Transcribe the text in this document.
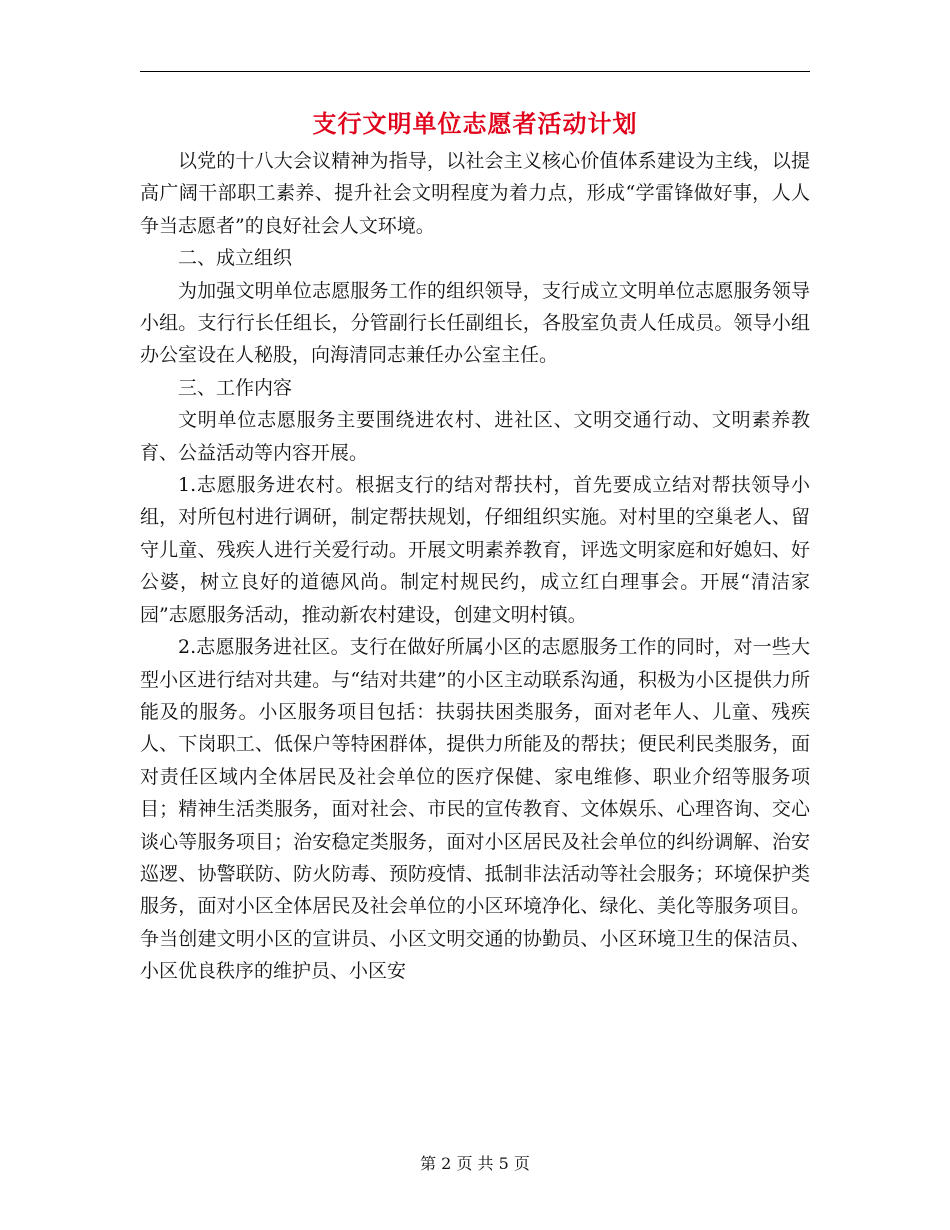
支行文明单位志愿者活动计划

以党的十八大会议精神为指导，以社会主义核心价值体系建设为主线，以提高广阔干部职工素养、提升社会文明程度为着力点，形成“学雷锋做好事，人人争当志愿者”的良好社会人文环境。

二、成立组织

为加强文明单位志愿服务工作的组织领导，支行成立文明单位志愿服务领导小组。支行行长任组长，分管副行长任副组长，各股室负责人任成员。领导小组办公室设在人秘股，向海清同志兼任办公室主任。

三、工作内容

文明单位志愿服务主要围绕进农村、进社区、文明交通行动、文明素养教育、公益活动等内容开展。

1.志愿服务进农村。根据支行的结对帮扶村，首先要成立结对帮扶领导小组，对所包村进行调研，制定帮扶规划，仔细组织实施。对村里的空巢老人、留守儿童、残疾人进行关爱行动。开展文明素养教育，评选文明家庭和好媳妇、好公婆，树立良好的道德风尚。制定村规民约，成立红白理事会。开展“清洁家园”志愿服务活动，推动新农村建设，创建文明村镇。

2.志愿服务进社区。支行在做好所属小区的志愿服务工作的同时，对一些大型小区进行结对共建。与“结对共建”的小区主动联系沟通，积极为小区提供力所能及的服务。小区服务项目包括：扶弱扶困类服务，面对老年人、儿童、残疾人、下岗职工、低保户等特困群体，提供力所能及的帮扶；便民利民类服务，面对责任区域内全体居民及社会单位的医疗保健、家电维修、职业介绍等服务项目；精神生活类服务，面对社会、市民的宣传教育、文体娱乐、心理咨询、交心谈心等服务项目；治安稳定类服务，面对小区居民及社会单位的纠纷调解、治安巡逻、协警联防、防火防毒、预防疫情、抵制非法活动等社会服务；环境保护类服务，面对小区全体居民及社会单位的小区环境净化、绿化、美化等服务项目。争当创建文明小区的宣讲员、小区文明交通的协勤员、小区环境卫生的保洁员、小区优良秩序的维护员、小区安

第 2 页 共 5 页
